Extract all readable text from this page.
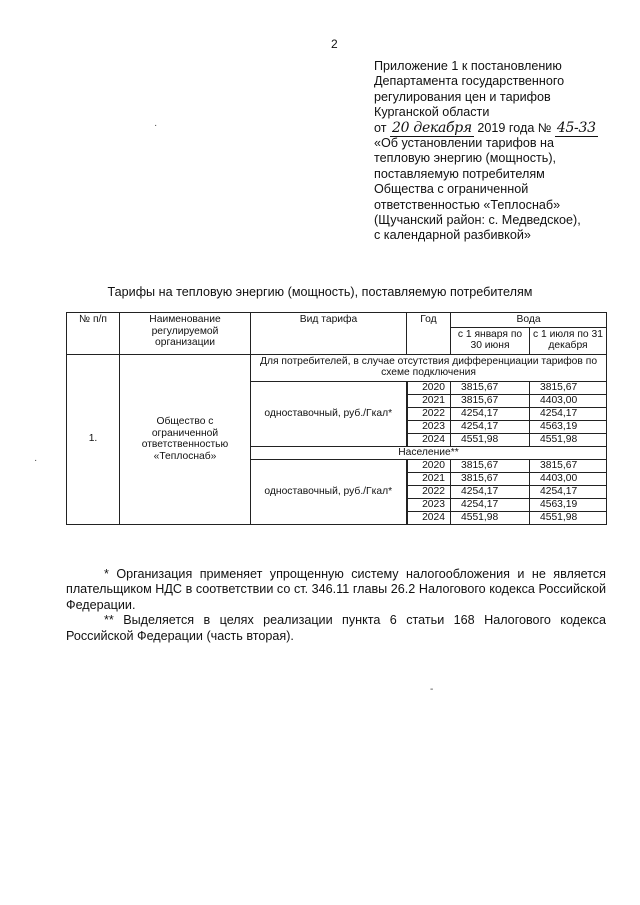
2
Приложение 1 к постановлению
Департамента государственного
регулирования цен и тарифов
Курганской области
от 20 декабря 2019 года № 45-33
«Об установлении тарифов на
тепловую энергию (мощность),
поставляемую потребителям
Общества с ограниченной
ответственностью «Теплоснаб»
(Щучанский район: с. Медведское),
с календарной разбивкой»
Тарифы на тепловую энергию (мощность), поставляемую потребителям
№ п/п	Наименование регулируемой организации	Вид тарифа	Год	Вода	
				с 1 января по 30 июня	с 1 июля по 31 декабря
1.	Общество с ограниченной ответственностью «Теплоснаб»	Для потребителей, в случае отсутствия дифференциации тарифов по схеме подключения			
		одноставочный, руб./Гкал*	2020	3815,67	3815,67
			2021	3815,67	4403,00
			2022	4254,17	4254,17
			2023	4254,17	4563,19
			2024	4551,98	4551,98
		Население**			
		одноставочный, руб./Гкал*	2020	3815,67	3815,67
			2021	3815,67	4403,00
			2022	4254,17	4254,17
			2023	4254,17	4563,19
			2024	4551,98	4551,98

* Организация применяет упрощенную систему налогообложения и не является плательщиком НДС в соответствии со ст. 346.11 главы 26.2 Налогового кодекса Российской Федерации.

** Выделяется в целях реализации пункта 6 статьи 168 Налогового кодекса Российской Федерации (часть вторая).

·
·
-
